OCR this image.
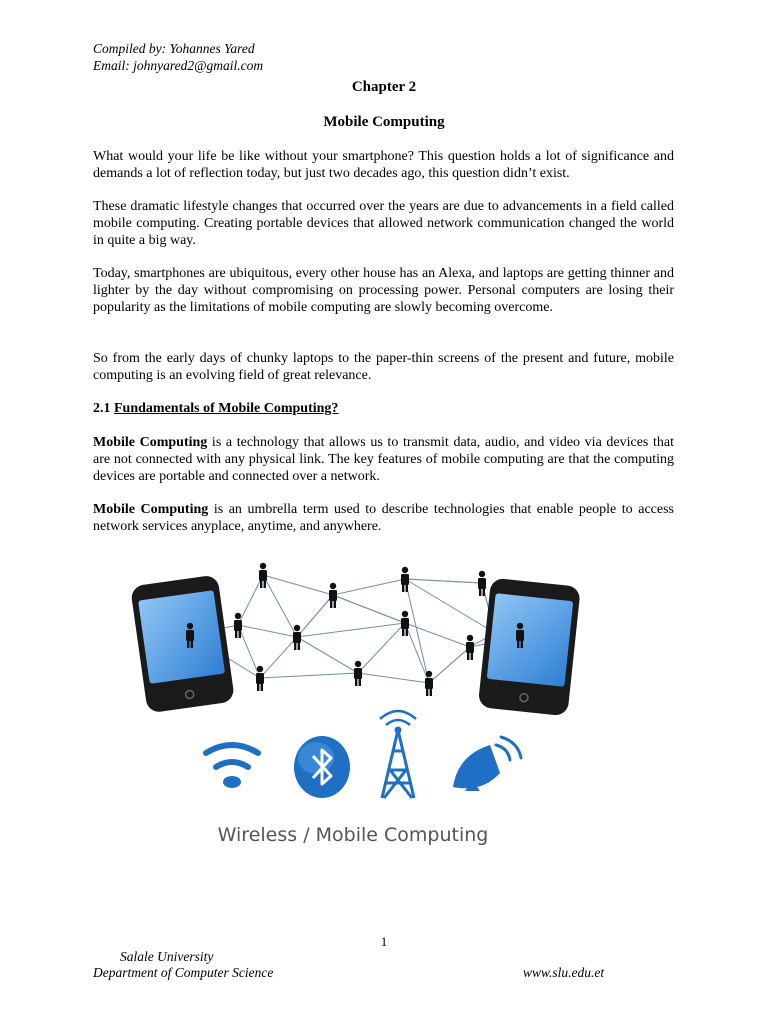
Compiled by: Yohannes Yared
Email: johnyared2@gmail.com
Chapter 2
Mobile Computing

What would your life be like without your smartphone? This question holds a lot of significance and demands a lot of reflection today, but just two decades ago, this question didn’t exist.

These dramatic lifestyle changes that occurred over the years are due to advancements in a field called mobile computing. Creating portable devices that allowed network communication changed the world in quite a big way.

Today, smartphones are ubiquitous, every other house has an Alexa, and laptops are getting thinner and lighter by the day without compromising on processing power. Personal computers are losing their popularity as the limitations of mobile computing are slowly becoming overcome.

So from the early days of chunky laptops to the paper-thin screens of the present and future, mobile computing is an evolving field of great relevance.

2.1 Fundamentals of Mobile Computing?

Mobile Computing is a technology that allows us to transmit data, audio, and video via devices that are not connected with any physical link. The key features of mobile computing are that the computing devices are portable and connected over a network.

Mobile Computing is an umbrella term used to describe technologies that enable people to access network services anyplace, anytime, and anywhere.

Wireless / Mobile Computing
1
Salale University
Department of Computer Science	www.slu.edu.et
